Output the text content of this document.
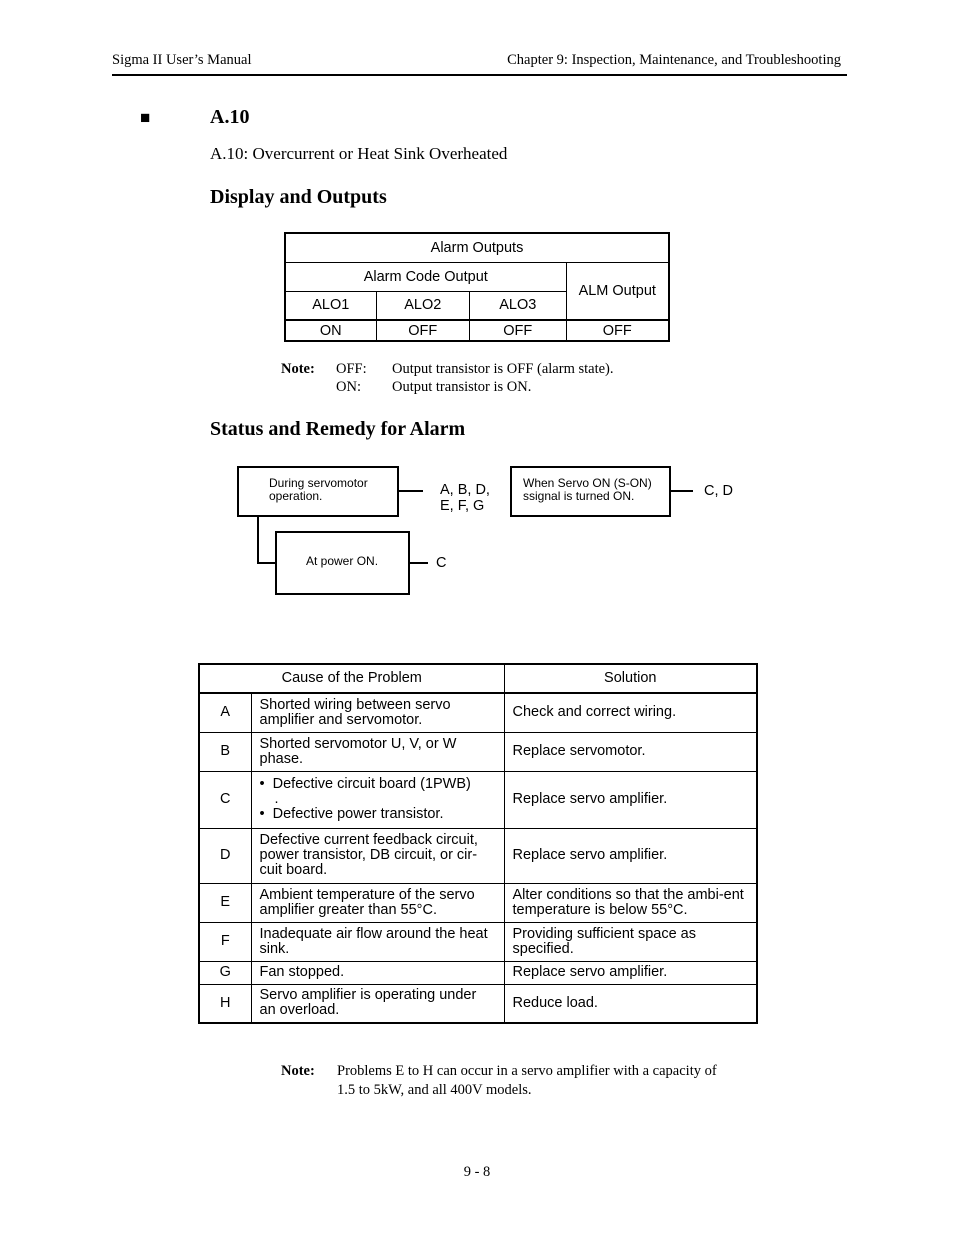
Sigma II User’s Manual	Chapter 9: Inspection, Maintenance, and Troubleshooting
■	A.10
A.10: Overcurrent or Heat Sink Overheated
Display and Outputs
Alarm Outputs			
Alarm Code Output			ALM Output
ALO1	ALO2	ALO3	
ON	OFF	OFF	OFF
Note: OFF: Output transistor is OFF (alarm state).
ON: Output transistor is ON.
Status and Remedy for Alarm
During servomotor operation.	A, B, D,
E, F, G
At power ON.	C
When Servo ON (S-ON) ssignal is turned ON.	C, D
Cause of the Problem		Solution
A	Shorted wiring between servo amplifier and servomotor.	Check and correct wiring.
B	Shorted servomotor U, V, or W phase.	Replace servomotor.
C	•  Defective circuit board (1PWB)
.
•  Defective power transistor.	Replace servo amplifier.
D	Defective current feedback circuit, power transistor, DB circuit, or cir-cuit board.	Replace servo amplifier.
E	Ambient temperature of the servo amplifier greater than 55°C.	Alter conditions so that the ambi-ent temperature is below 55°C.
F	Inadequate air flow around the heat sink.	Providing sufficient space as specified.
G	Fan stopped.	Replace servo amplifier.
H	Servo amplifier is operating under an overload.	Reduce load.
Note: Problems E to H can occur in a servo amplifier with a capacity of
1.5 to 5kW, and all 400V models.
9 - 8
